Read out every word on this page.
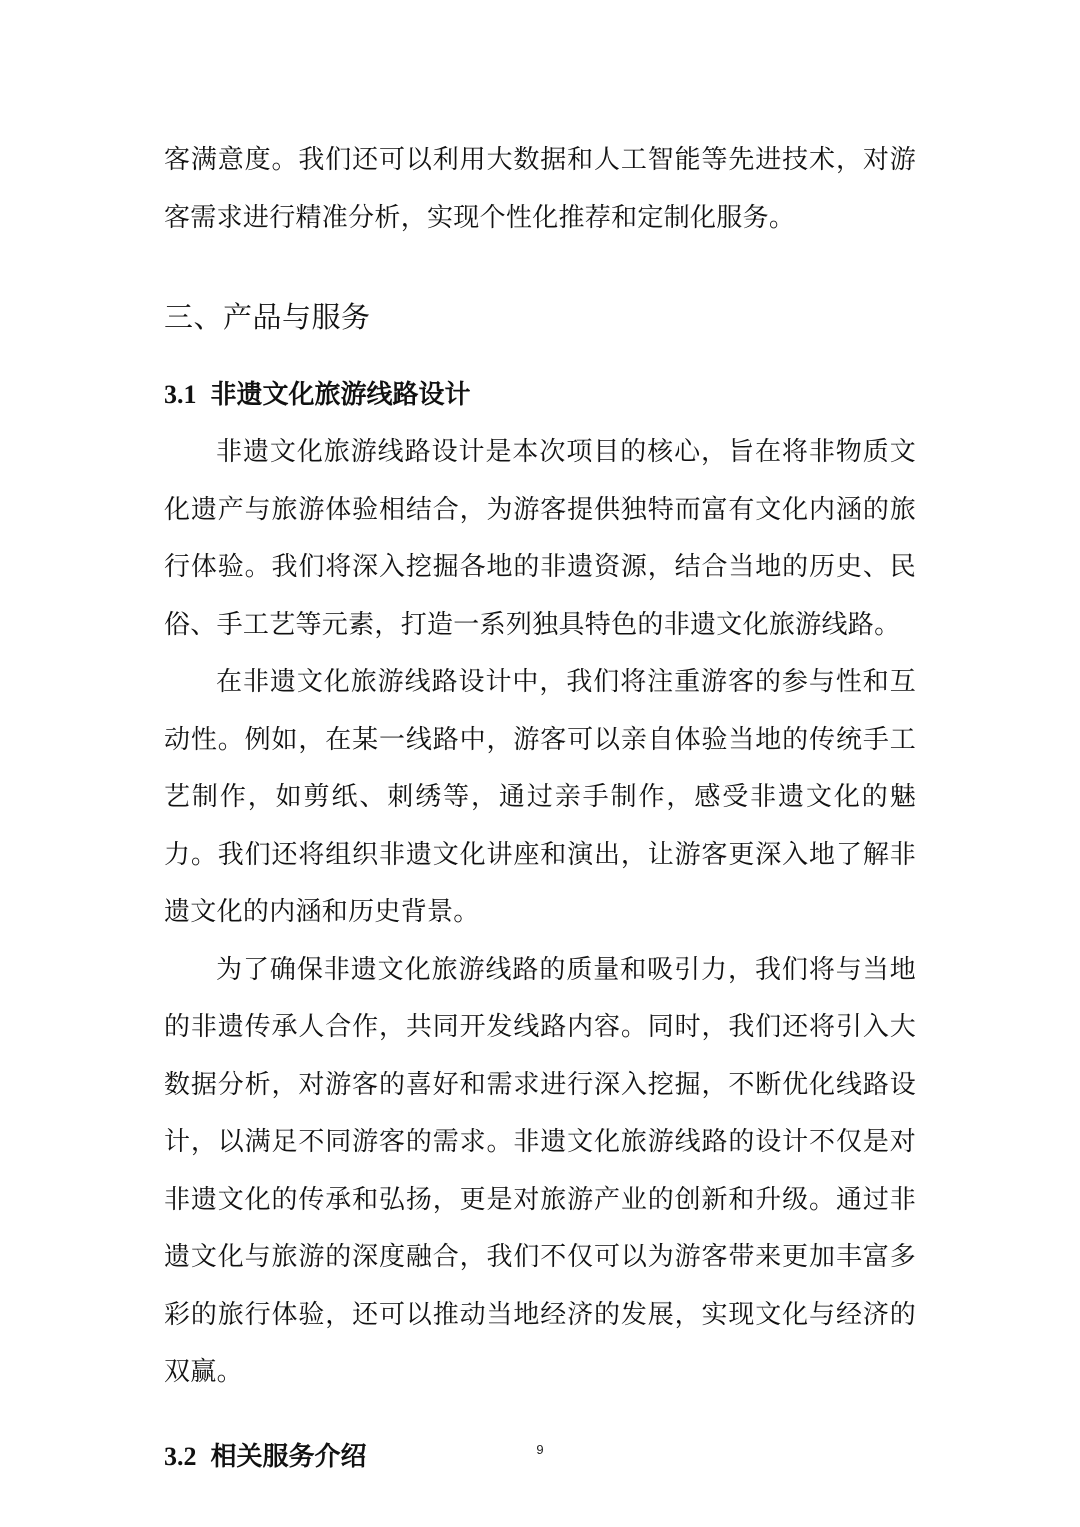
客满意度。我们还可以利用大数据和人工智能等先进技术，对游客需求进行精准分析，实现个性化推荐和定制化服务。

三、产品与服务
3.1 非遗文化旅游线路设计

非遗文化旅游线路设计是本次项目的核心，旨在将非物质文化遗产与旅游体验相结合，为游客提供独特而富有文化内涵的旅行体验。我们将深入挖掘各地的非遗资源，结合当地的历史、民俗、手工艺等元素，打造一系列独具特色的非遗文化旅游线路。

在非遗文化旅游线路设计中，我们将注重游客的参与性和互动性。例如，在某一线路中，游客可以亲自体验当地的传统手工艺制作，如剪纸、刺绣等，通过亲手制作，感受非遗文化的魅力。我们还将组织非遗文化讲座和演出，让游客更深入地了解非遗文化的内涵和历史背景。

为了确保非遗文化旅游线路的质量和吸引力，我们将与当地的非遗传承人合作，共同开发线路内容。同时，我们还将引入大数据分析，对游客的喜好和需求进行深入挖掘，不断优化线路设计，以满足不同游客的需求。非遗文化旅游线路的设计不仅是对非遗文化的传承和弘扬，更是对旅游产业的创新和升级。通过非遗文化与旅游的深度融合，我们不仅可以为游客带来更加丰富多彩的旅行体验，还可以推动当地经济的发展，实现文化与经济的双赢。

3.2 相关服务介绍	9
